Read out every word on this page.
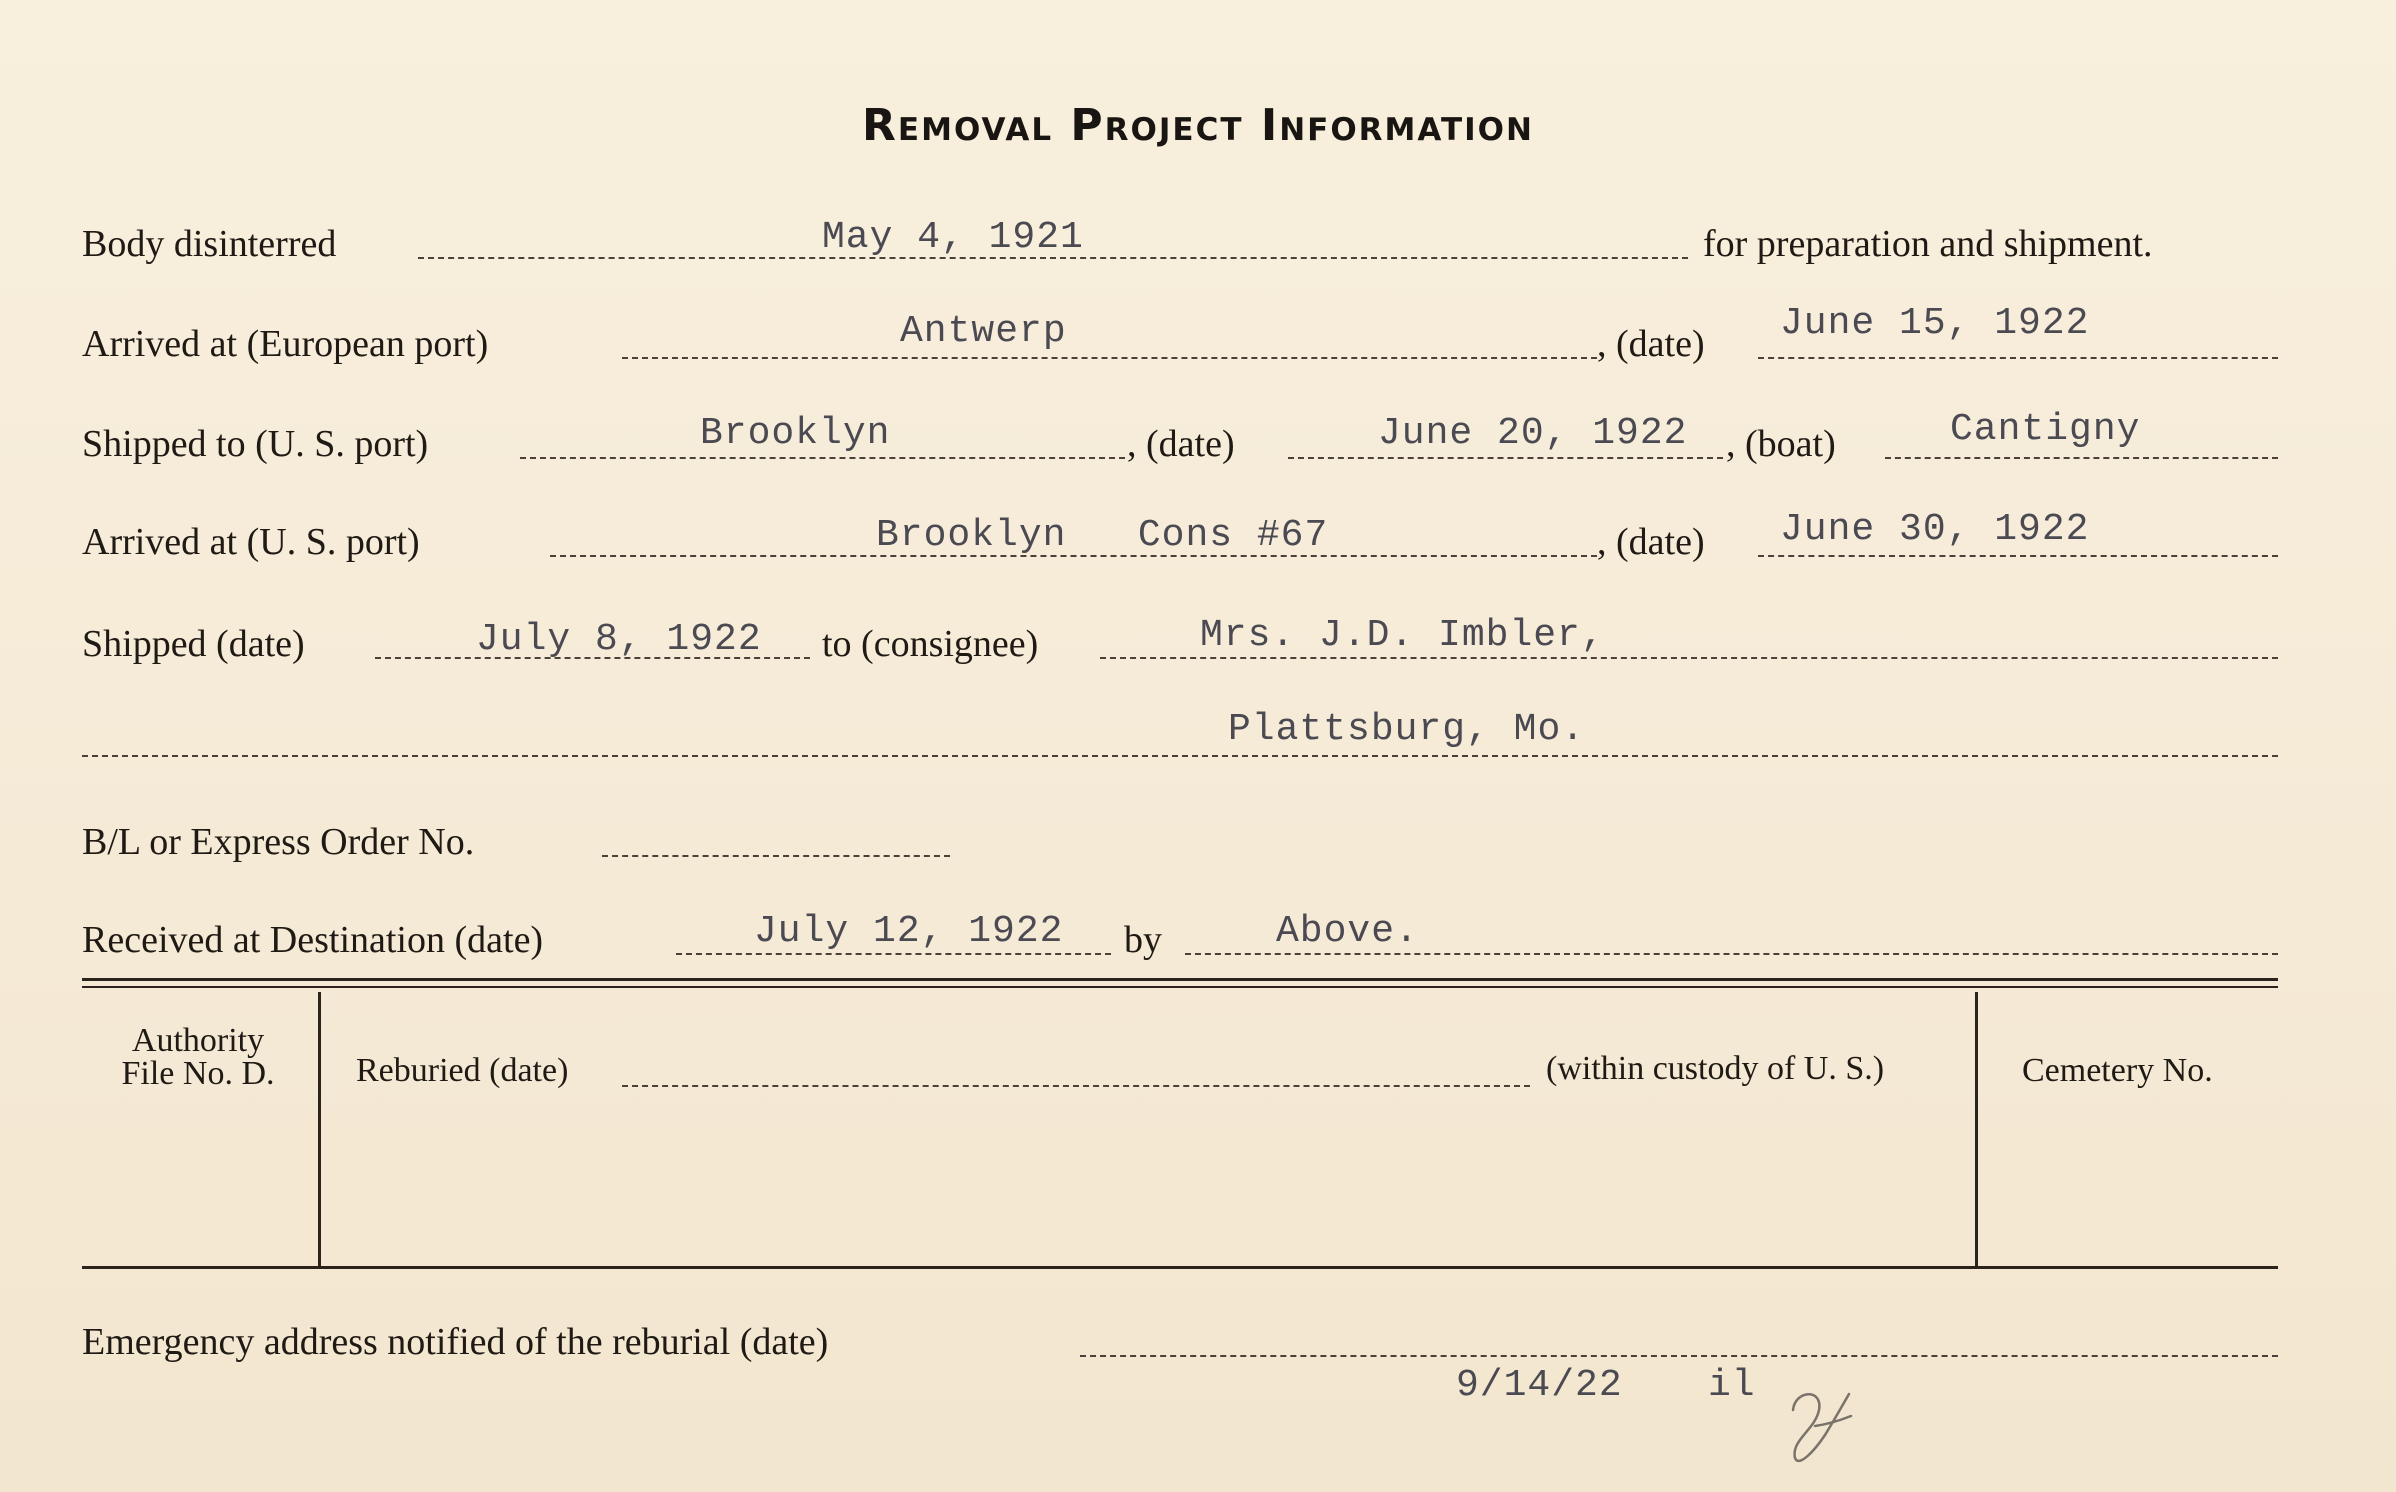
Removal Project Information
Body disinterred	May 4, 1921	for preparation and shipment.
Arrived at (European port)	Antwerp	, (date) June 15, 1922
Shipped to (U. S. port)	Brooklyn	, (date)	June 20, 1922 , (boat)	Cantigny
Arrived at (U. S. port)	Brooklyn   Cons #67	, (date) June 30, 1922
Shipped (date)	July 8, 1922 to (consignee)	Mrs. J.D. Imbler,
Plattsburg, Mo.
B/L or Express Order No.
Received at Destination (date)	July 12, 1922 by	Above.
Authority
File No. D.	Reburied (date)	(within custody of U. S.)	Cemetery No.
Emergency address notified of the reburial (date)
9/14/22 il
